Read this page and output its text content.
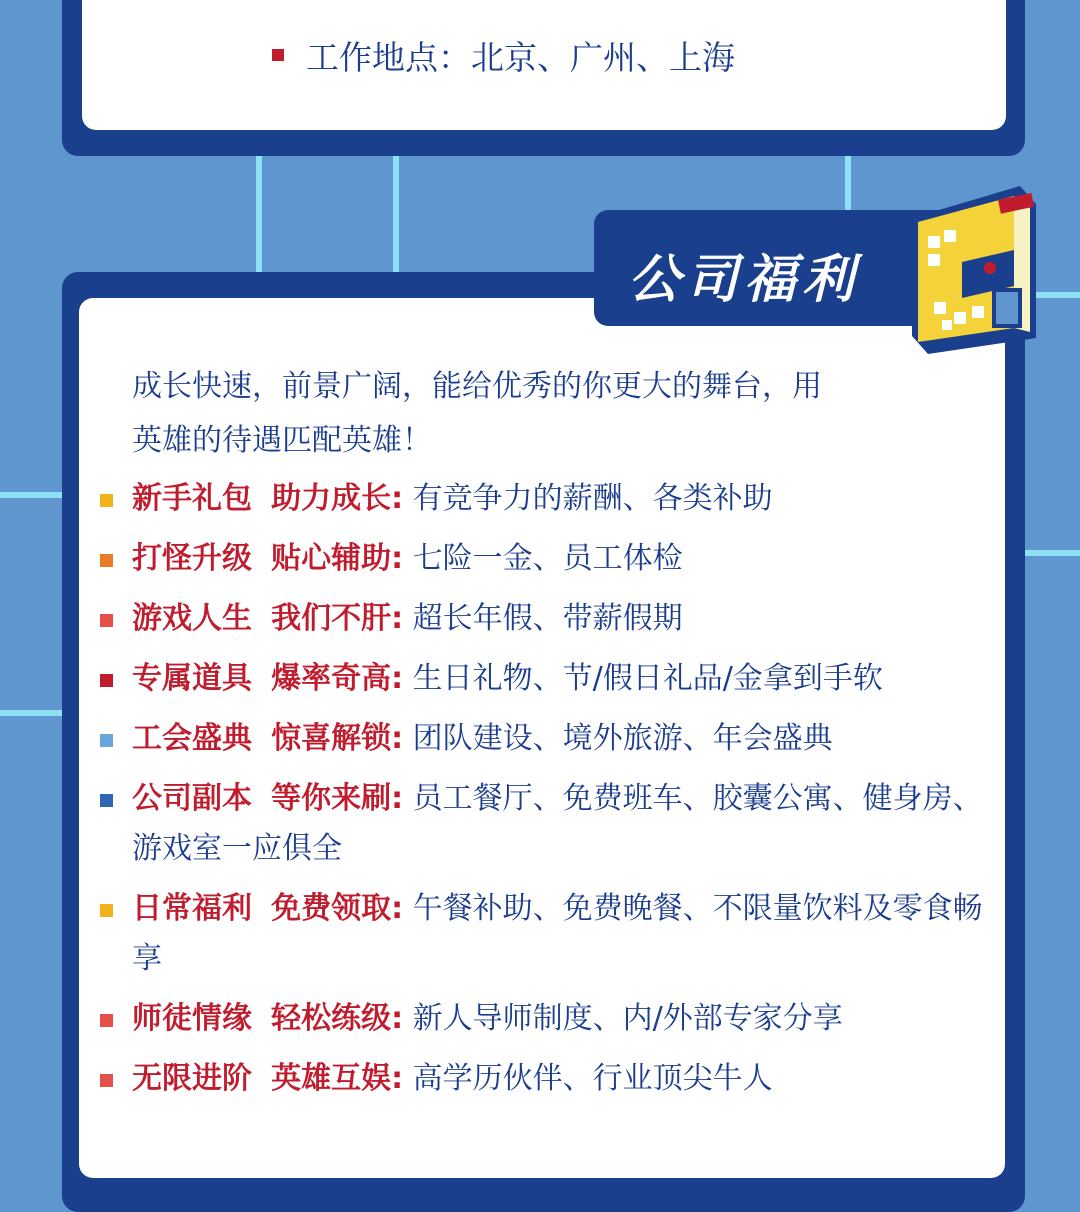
工作地点：北京、广州、上海
公司福利
成长快速，前景广阔，能给优秀的你更大的舞台，用
英雄的待遇匹配英雄！
新手礼包 助力成长: 有竞争力的薪酬、各类补助
打怪升级 贴心辅助: 七险一金、员工体检
游戏人生 我们不肝: 超长年假、带薪假期
专属道具 爆率奇高: 生日礼物、节/假日礼品/金拿到手软
工会盛典 惊喜解锁: 团队建设、境外旅游、年会盛典
公司副本 等你来刷: 员工餐厅、免费班车、胶囊公寓、健身房、游戏室一应俱全
日常福利 免费领取: 午餐补助、免费晚餐、不限量饮料及零食畅享
师徒情缘 轻松练级: 新人导师制度、内/外部专家分享
无限进阶 英雄互娱: 高学历伙伴、行业顶尖牛人
